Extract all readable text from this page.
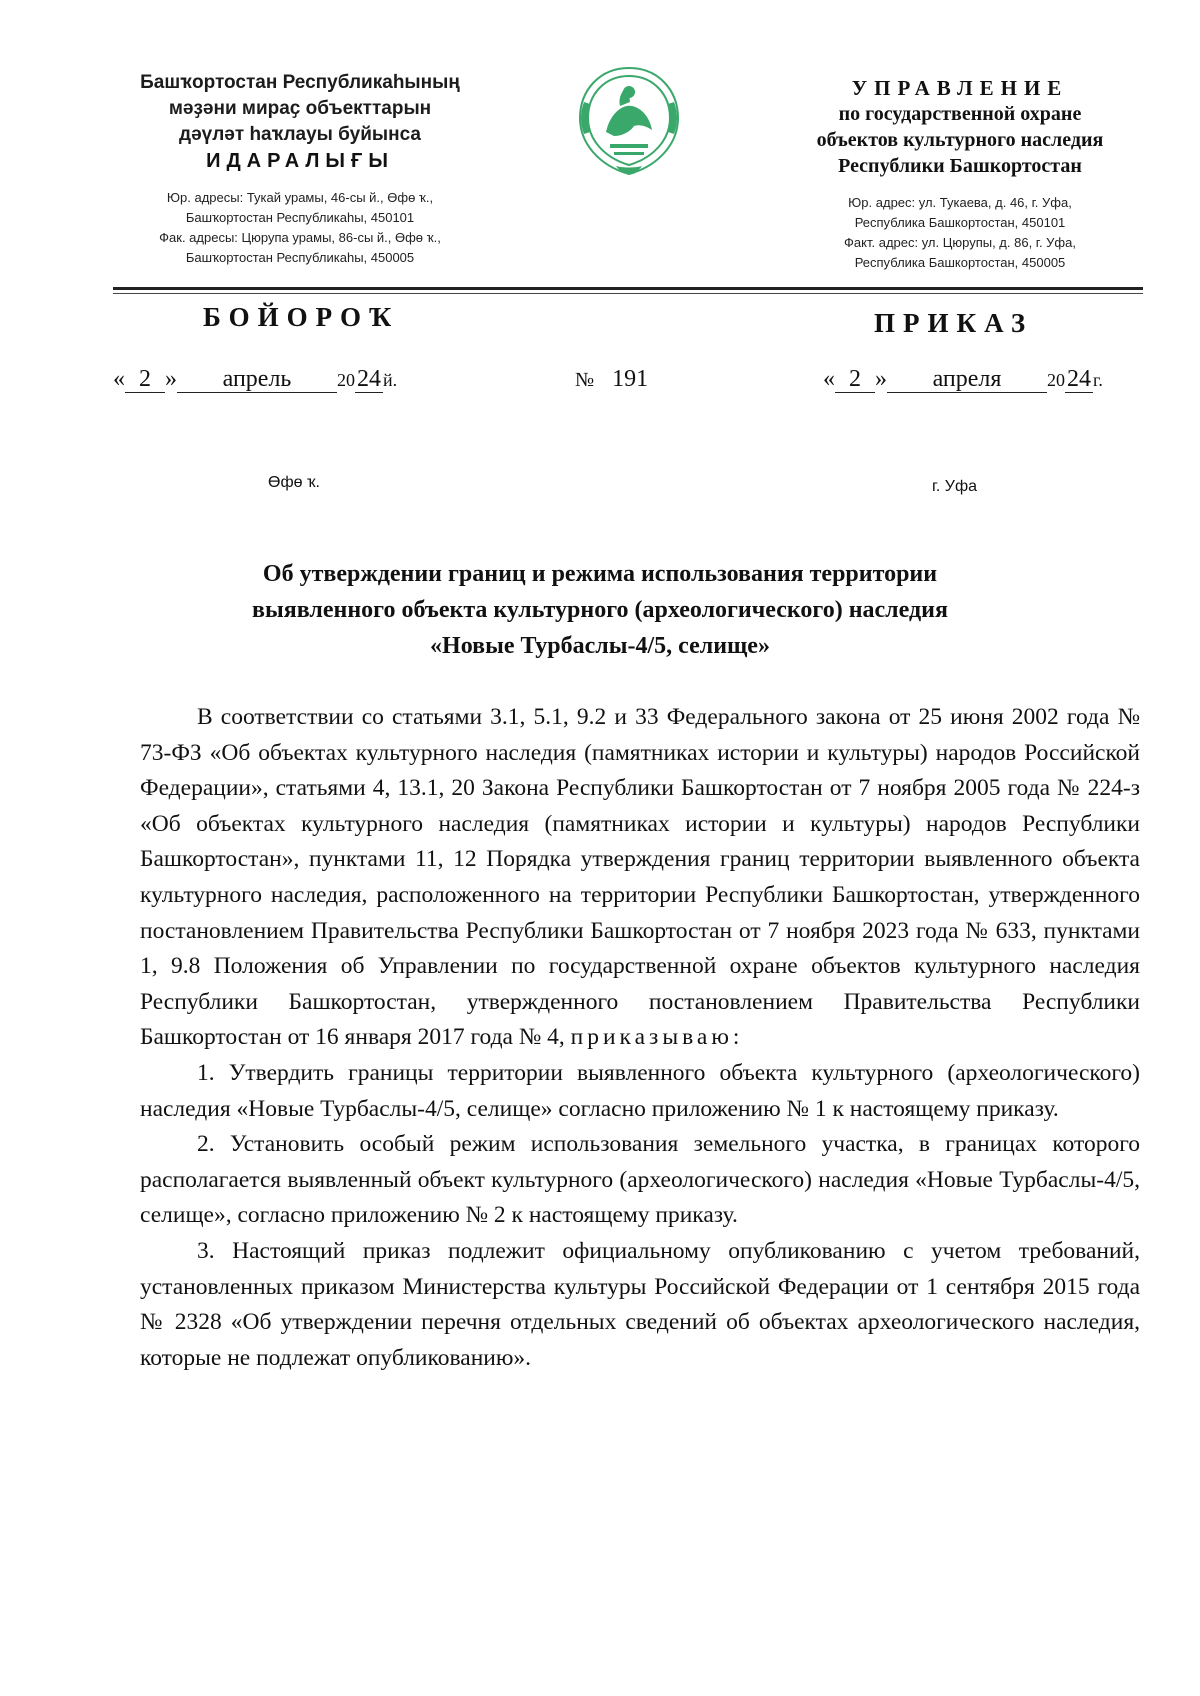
Башҡортостан Республикаһының
мәҙәни мираҫ объекттарын
дәүләт һаҡлауы буйынса
ИДАРАЛЫҒЫ
Юр. адресы: Тукай урамы, 46-сы й., Өфө ҡ.,
Башҡортостан Республикаһы, 450101
Фак. адресы: Цюрупа урамы, 86-сы й., Өфө ҡ.,
Башҡортостан Республикаһы, 450005
УПРАВЛЕНИЕ
по государственной охране
объектов культурного наследия
Республики Башкортостан
Юр. адрес: ул. Тукаева, д. 46, г. Уфа,
Республика Башкортостан, 450101
Факт. адрес: ул. Цюрупы, д. 86, г. Уфа,
Республика Башкортостан, 450005
БОЙОРОҠ	ПРИКАЗ
« 2 » апрель	2024 й.	№ 191	« 2 » апреля	2024 г.
Өфө ҡ.	г. Уфа
Об утверждении границ и режима использования территории
выявленного объекта культурного (археологического) наследия
«Новые Турбаслы-4/5, селище»

В соответствии со статьями 3.1, 5.1, 9.2 и 33 Федерального закона от 25 июня 2002 года № 73-ФЗ «Об объектах культурного наследия (памятниках истории и культуры) народов Российской Федерации», статьями 4, 13.1, 20 Закона Республики Башкортостан от 7 ноября 2005 года № 224-з «Об объектах культурного наследия (памятниках истории и культуры) народов Республики Башкортостан», пунктами 11, 12 Порядка утверждения границ территории выявленного объекта культурного наследия, расположенного на территории Республики Башкортостан, утвержденного постановлением Правительства Республики Башкортостан от 7 ноября 2023 года № 633, пунктами 1, 9.8 Положения об Управлении по государственной охране объектов культурного наследия Республики Башкортостан, утвержденного постановлением Правительства Республики Башкортостан от 16 января 2017 года № 4, приказываю:

1. Утвердить границы территории выявленного объекта культурного (археологического) наследия «Новые Турбаслы-4/5, селище» согласно приложению № 1 к настоящему приказу.

2. Установить особый режим использования земельного участка, в границах которого располагается выявленный объект культурного (археологического) наследия «Новые Турбаслы-4/5, селище», согласно приложению № 2 к настоящему приказу.

3. Настоящий приказ подлежит официальному опубликованию с учетом требований, установленных приказом Министерства культуры Российской Федерации от 1 сентября 2015 года № 2328 «Об утверждении перечня отдельных сведений об объектах археологического наследия, которые не подлежат опубликованию».
